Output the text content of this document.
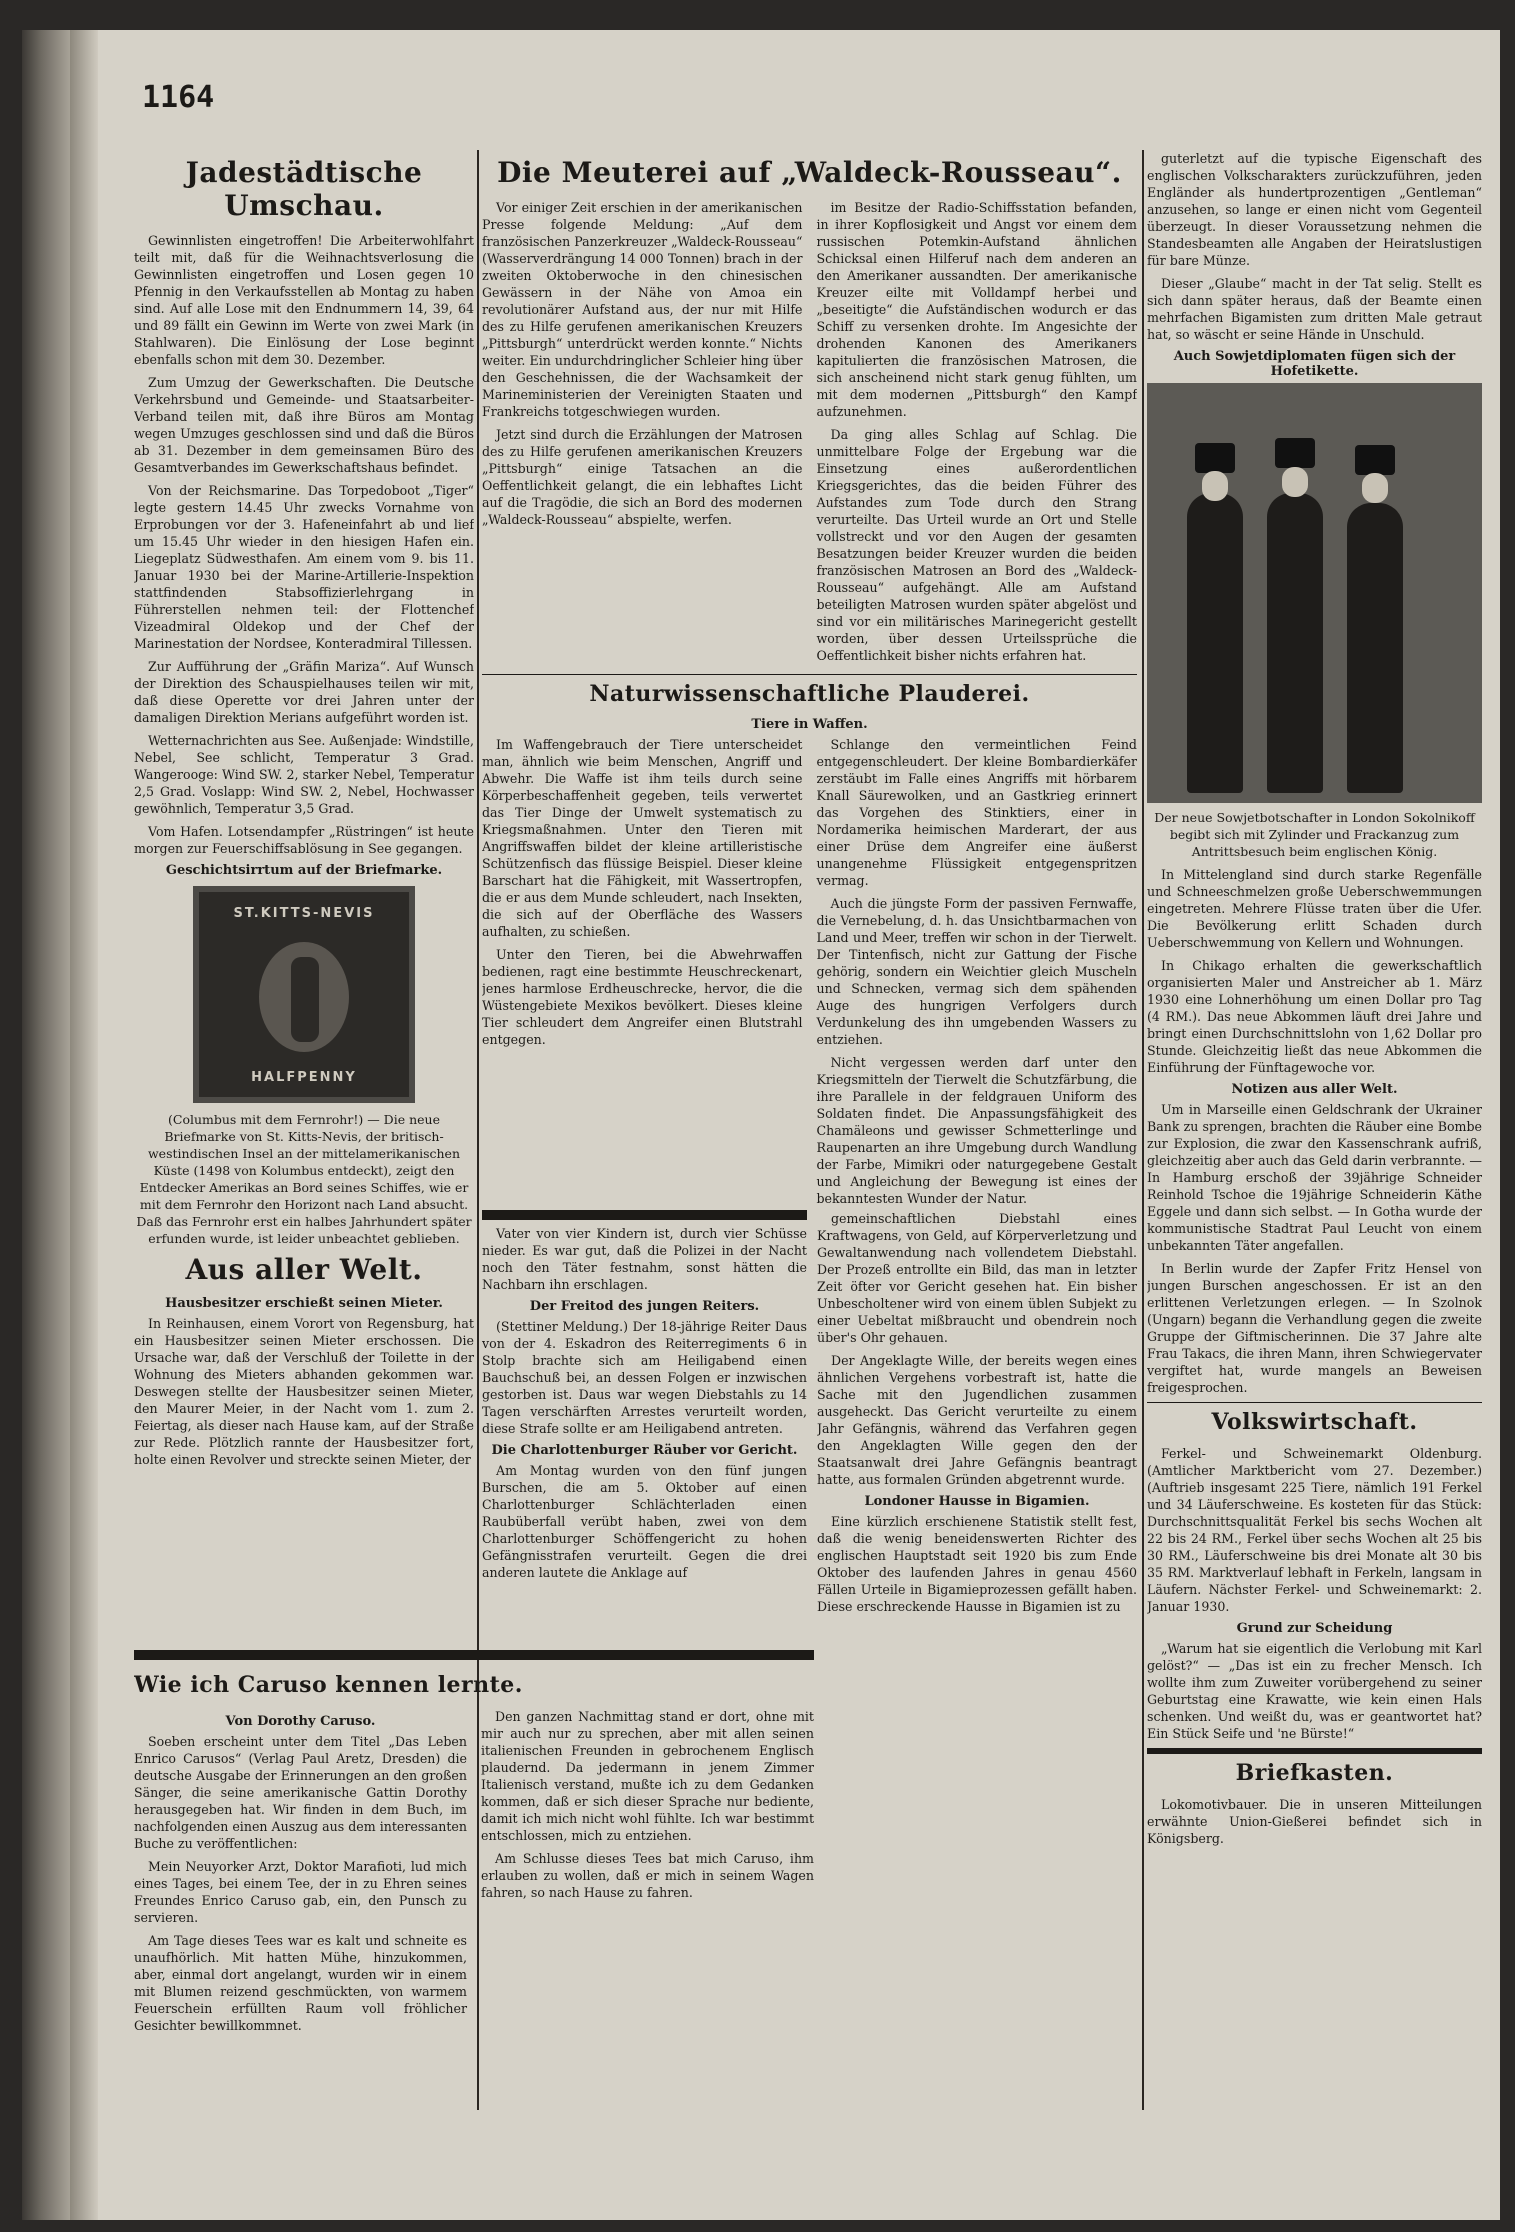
1164
Jadestädtische Umschau.

Gewinnlisten eingetroffen! Die Arbeiterwohlfahrt teilt mit, daß für die Weihnachtsverlosung die Gewinnlisten eingetroffen und Losen gegen 10 Pfennig in den Verkaufsstellen ab Montag zu haben sind. Auf alle Lose mit den Endnummern 14, 39, 64 und 89 fällt ein Gewinn im Werte von zwei Mark (in Stahlwaren). Die Einlösung der Lose beginnt ebenfalls schon mit dem 30. Dezember.

Zum Umzug der Gewerkschaften. Die Deutsche Verkehrsbund und Gemeinde- und Staatsarbeiter-Verband teilen mit, daß ihre Büros am Montag wegen Umzuges geschlossen sind und daß die Büros ab 31. Dezember in dem gemeinsamen Büro des Gesamtverbandes im Gewerkschaftshaus befindet.

Von der Reichsmarine. Das Torpedoboot „Tiger“ legte gestern 14.45 Uhr zwecks Vornahme von Erprobungen vor der 3. Hafeneinfahrt ab und lief um 15.45 Uhr wieder in den hiesigen Hafen ein. Liegeplatz Südwesthafen. Am einem vom 9. bis 11. Januar 1930 bei der Marine-Artillerie-Inspektion stattfindenden Stabsoffizierlehrgang in Führerstellen nehmen teil: der Flottenchef Vizeadmiral Oldekop und der Chef der Marinestation der Nordsee, Konteradmiral Tillessen.

Zur Aufführung der „Gräfin Mariza“. Auf Wunsch der Direktion des Schauspielhauses teilen wir mit, daß diese Operette vor drei Jahren unter der damaligen Direktion Merians aufgeführt worden ist.

Wetternachrichten aus See. Außenjade: Windstille, Nebel, See schlicht, Temperatur 3 Grad. Wangerooge: Wind SW. 2, starker Nebel, Temperatur 2,5 Grad. Voslapp: Wind SW. 2, Nebel, Hochwasser gewöhnlich, Temperatur 3,5 Grad.

Vom Hafen. Lotsendampfer „Rüstringen“ ist heute morgen zur Feuerschiffsablösung in See gegangen.

Geschichtsirrtum auf der Briefmarke.
ST.KITTS-NEVIS
HALFPENNY

(Columbus mit dem Fernrohr!) — Die neue Briefmarke von St. Kitts-Nevis, der britisch-westindischen Insel an der mittelamerikanischen Küste (1498 von Kolumbus entdeckt), zeigt den Entdecker Amerikas an Bord seines Schiffes, wie er mit dem Fernrohr den Horizont nach Land absucht. Daß das Fernrohr erst ein halbes Jahrhundert später erfunden wurde, ist leider unbeachtet geblieben.

Aus aller Welt.
Hausbesitzer erschießt seinen Mieter.

In Reinhausen, einem Vorort von Regensburg, hat ein Hausbesitzer seinen Mieter erschossen. Die Ursache war, daß der Verschluß der Toilette in der Wohnung des Mieters abhanden gekommen war. Deswegen stellte der Hausbesitzer seinen Mieter, den Maurer Meier, in der Nacht vom 1. zum 2. Feiertag, als dieser nach Hause kam, auf der Straße zur Rede. Plötzlich rannte der Hausbesitzer fort, holte einen Revolver und streckte seinen Mieter, der

Die Meuterei auf „Waldeck-Rousseau“.

Vor einiger Zeit erschien in der amerikanischen Presse folgende Meldung: „Auf dem französischen Panzerkreuzer „Waldeck-Rousseau“ (Wasserverdrängung 14 000 Tonnen) brach in der zweiten Oktoberwoche in den chinesischen Gewässern in der Nähe von Amoa ein revolutionärer Aufstand aus, der nur mit Hilfe des zu Hilfe gerufenen amerikanischen Kreuzers „Pittsburgh“ unterdrückt werden konnte.“ Nichts weiter. Ein undurchdringlicher Schleier hing über den Geschehnissen, die der Wachsamkeit der Marineministerien der Vereinigten Staaten und Frankreichs totgeschwiegen wurden.

Jetzt sind durch die Erzählungen der Matrosen des zu Hilfe gerufenen amerikanischen Kreuzers „Pittsburgh“ einige Tatsachen an die Oeffentlichkeit gelangt, die ein lebhaftes Licht auf die Tragödie, die sich an Bord des modernen „Waldeck-Rousseau“ abspielte, werfen.

im Besitze der Radio-Schiffsstation befanden, in ihrer Kopflosigkeit und Angst vor einem dem russischen Potemkin-Aufstand ähnlichen Schicksal einen Hilferuf nach dem anderen an den Amerikaner aussandten. Der amerikanische Kreuzer eilte mit Volldampf herbei und „beseitigte“ die Aufständischen wodurch er das Schiff zu versenken drohte. Im Angesichte der drohenden Kanonen des Amerikaners kapitulierten die französischen Matrosen, die sich anscheinend nicht stark genug fühlten, um mit dem modernen „Pittsburgh“ den Kampf aufzunehmen.

Da ging alles Schlag auf Schlag. Die unmittelbare Folge der Ergebung war die Einsetzung eines außerordentlichen Kriegsgerichtes, das die beiden Führer des Aufstandes zum Tode durch den Strang verurteilte. Das Urteil wurde an Ort und Stelle vollstreckt und vor den Augen der gesamten Besatzungen beider Kreuzer wurden die beiden französischen Matrosen an Bord des „Waldeck-Rousseau“ aufgehängt. Alle am Aufstand beteiligten Matrosen wurden später abgelöst und sind vor ein militärisches Marinegericht gestellt worden, über dessen Urteilssprüche die Oeffentlichkeit bisher nichts erfahren hat.

Naturwissenschaftliche Plauderei.
Tiere in Waffen.

Im Waffengebrauch der Tiere unterscheidet man, ähnlich wie beim Menschen, Angriff und Abwehr. Die Waffe ist ihm teils durch seine Körperbeschaffenheit gegeben, teils verwertet das Tier Dinge der Umwelt systematisch zu Kriegsmaßnahmen. Unter den Tieren mit Angriffswaffen bildet der kleine artilleristische Schützenfisch das flüssige Beispiel. Dieser kleine Barschart hat die Fähigkeit, mit Wassertropfen, die er aus dem Munde schleudert, nach Insekten, die sich auf der Oberfläche des Wassers aufhalten, zu schießen.

Unter den Tieren, bei die Abwehrwaffen bedienen, ragt eine bestimmte Heuschreckenart, jenes harmlose Erdheuschrecke, hervor, die die Wüstengebiete Mexikos bevölkert. Dieses kleine Tier schleudert dem Angreifer einen Blutstrahl entgegen.

Schlange den vermeintlichen Feind entgegenschleudert. Der kleine Bombardierkäfer zerstäubt im Falle eines Angriffs mit hörbarem Knall Säurewolken, und an Gastkrieg erinnert das Vorgehen des Stinktiers, einer in Nordamerika heimischen Marderart, der aus einer Drüse dem Angreifer eine äußerst unangenehme Flüssigkeit entgegenspritzen vermag.

Auch die jüngste Form der passiven Fernwaffe, die Vernebelung, d. h. das Unsichtbarmachen von Land und Meer, treffen wir schon in der Tierwelt. Der Tintenfisch, nicht zur Gattung der Fische gehörig, sondern ein Weichtier gleich Muscheln und Schnecken, vermag sich dem spähenden Auge des hungrigen Verfolgers durch Verdunkelung des ihn umgebenden Wassers zu entziehen.

Nicht vergessen werden darf unter den Kriegsmitteln der Tierwelt die Schutzfärbung, die ihre Parallele in der feldgrauen Uniform des Soldaten findet. Die Anpassungsfähigkeit des Chamäleons und gewisser Schmetterlinge und Raupenarten an ihre Umgebung durch Wandlung der Farbe, Mimikri oder naturgegebene Gestalt und Angleichung der Bewegung ist eines der bekanntesten Wunder der Natur.

Vater von vier Kindern ist, durch vier Schüsse nieder. Es war gut, daß die Polizei in der Nacht noch den Täter festnahm, sonst hätten die Nachbarn ihn erschlagen.

Der Freitod des jungen Reiters.

(Stettiner Meldung.) Der 18-jährige Reiter Daus von der 4. Eskadron des Reiterregiments 6 in Stolp brachte sich am Heiligabend einen Bauchschuß bei, an dessen Folgen er inzwischen gestorben ist. Daus war wegen Diebstahls zu 14 Tagen verschärften Arrestes verurteilt worden, diese Strafe sollte er am Heiligabend antreten.

Die Charlottenburger Räuber vor Gericht.

Am Montag wurden von den fünf jungen Burschen, die am 5. Oktober auf einen Charlottenburger Schlächterladen einen Raubüberfall verübt haben, zwei von dem Charlottenburger Schöffengericht zu hohen Gefängnisstrafen verurteilt. Gegen die drei anderen lautete die Anklage auf

gemeinschaftlichen Diebstahl eines Kraftwagens, von Geld, auf Körperverletzung und Gewaltanwendung nach vollendetem Diebstahl. Der Prozeß entrollte ein Bild, das man in letzter Zeit öfter vor Gericht gesehen hat. Ein bisher Unbescholtener wird von einem üblen Subjekt zu einer Uebeltat mißbraucht und obendrein noch über's Ohr gehauen.

Der Angeklagte Wille, der bereits wegen eines ähnlichen Vergehens vorbestraft ist, hatte die Sache mit den Jugendlichen zusammen ausgeheckt. Das Gericht verurteilte zu einem Jahr Gefängnis, während das Verfahren gegen den Angeklagten Wille gegen den der Staatsanwalt drei Jahre Gefängnis beantragt hatte, aus formalen Gründen abgetrennt wurde.

Londoner Hausse in Bigamien.

Eine kürzlich erschienene Statistik stellt fest, daß die wenig beneidenswerten Richter des englischen Hauptstadt seit 1920 bis zum Ende Oktober des laufenden Jahres in genau 4560 Fällen Urteile in Bigamieprozessen gefällt haben. Diese erschreckende Hausse in Bigamien ist zu

Wie ich Caruso kennen lernte.
Von Dorothy Caruso.

Soeben erscheint unter dem Titel „Das Leben Enrico Carusos“ (Verlag Paul Aretz, Dresden) die deutsche Ausgabe der Erinnerungen an den großen Sänger, die seine amerikanische Gattin Dorothy herausgegeben hat. Wir finden in dem Buch, im nachfolgenden einen Auszug aus dem interessanten Buche zu veröffentlichen:

Mein Neuyorker Arzt, Doktor Marafioti, lud mich eines Tages, bei einem Tee, der in zu Ehren seines Freundes Enrico Caruso gab, ein, den Punsch zu servieren.

Am Tage dieses Tees war es kalt und schneite es unaufhörlich. Mit hatten Mühe, hinzukommen, aber, einmal dort angelangt, wurden wir in einem mit Blumen reizend geschmückten, von warmem Feuerschein erfüllten Raum voll fröhlicher Gesichter bewillkommnet.

Den ganzen Nachmittag stand er dort, ohne mit mir auch nur zu sprechen, aber mit allen seinen italienischen Freunden in gebrochenem Englisch plaudernd. Da jedermann in jenem Zimmer Italienisch verstand, mußte ich zu dem Gedanken kommen, daß er sich dieser Sprache nur bediente, damit ich mich nicht wohl fühlte. Ich war bestimmt entschlossen, mich zu entziehen.

Am Schlusse dieses Tees bat mich Caruso, ihm erlauben zu wollen, daß er mich in seinem Wagen fahren, so nach Hause zu fahren.

guterletzt auf die typische Eigenschaft des englischen Volkscharakters zurückzuführen, jeden Engländer als hundertprozentigen „Gentleman“ anzusehen, so lange er einen nicht vom Gegenteil überzeugt. In dieser Voraussetzung nehmen die Standesbeamten alle Angaben der Heiratslustigen für bare Münze.

Dieser „Glaube“ macht in der Tat selig. Stellt es sich dann später heraus, daß der Beamte einen mehrfachen Bigamisten zum dritten Male getraut hat, so wäscht er seine Hände in Unschuld.

Auch Sowjetdiplomaten fügen sich der Hofetikette.

Der neue Sowjetbotschafter in London Sokolnikoff begibt sich mit Zylinder und Frackanzug zum Antrittsbesuch beim englischen König.

In Mittelengland sind durch starke Regenfälle und Schneeschmelzen große Ueberschwemmungen eingetreten. Mehrere Flüsse traten über die Ufer. Die Bevölkerung erlitt Schaden durch Ueberschwemmung von Kellern und Wohnungen.

In Chikago erhalten die gewerkschaftlich organisierten Maler und Anstreicher ab 1. März 1930 eine Lohnerhöhung um einen Dollar pro Tag (4 RM.). Das neue Abkommen läuft drei Jahre und bringt einen Durchschnittslohn von 1,62 Dollar pro Stunde. Gleichzeitig ließt das neue Abkommen die Einführung der Fünftagewoche vor.

Notizen aus aller Welt.

Um in Marseille einen Geldschrank der Ukrainer Bank zu sprengen, brachten die Räuber eine Bombe zur Explosion, die zwar den Kassenschrank aufriß, gleichzeitig aber auch das Geld darin verbrannte. — In Hamburg erschoß der 39jährige Schneider Reinhold Tschoe die 19jährige Schneiderin Käthe Eggele und dann sich selbst. — In Gotha wurde der kommunistische Stadtrat Paul Leucht von einem unbekannten Täter angefallen.

In Berlin wurde der Zapfer Fritz Hensel von jungen Burschen angeschossen. Er ist an den erlittenen Verletzungen erlegen. — In Szolnok (Ungarn) begann die Verhandlung gegen die zweite Gruppe der Giftmischerinnen. Die 37 Jahre alte Frau Takacs, die ihren Mann, ihren Schwiegervater vergiftet hat, wurde mangels an Beweisen freigesprochen.

Volkswirtschaft.

Ferkel- und Schweinemarkt Oldenburg. (Amtlicher Marktbericht vom 27. Dezember.) (Auftrieb insgesamt 225 Tiere, nämlich 191 Ferkel und 34 Läuferschweine. Es kosteten für das Stück: Durchschnittsqualität Ferkel bis sechs Wochen alt 22 bis 24 RM., Ferkel über sechs Wochen alt 25 bis 30 RM., Läuferschweine bis drei Monate alt 30 bis 35 RM. Marktverlauf lebhaft in Ferkeln, langsam in Läufern. Nächster Ferkel- und Schweinemarkt: 2. Januar 1930.

Grund zur Scheidung

„Warum hat sie eigentlich die Verlobung mit Karl gelöst?“ — „Das ist ein zu frecher Mensch. Ich wollte ihm zum Zuweiter vorübergehend zu seiner Geburtstag eine Krawatte, wie kein einen Hals schenken. Und weißt du, was er geantwortet hat? Ein Stück Seife und 'ne Bürste!“

Briefkasten.

Lokomotivbauer. Die in unseren Mitteilungen erwähnte Union-Gießerei befindet sich in Königsberg.
